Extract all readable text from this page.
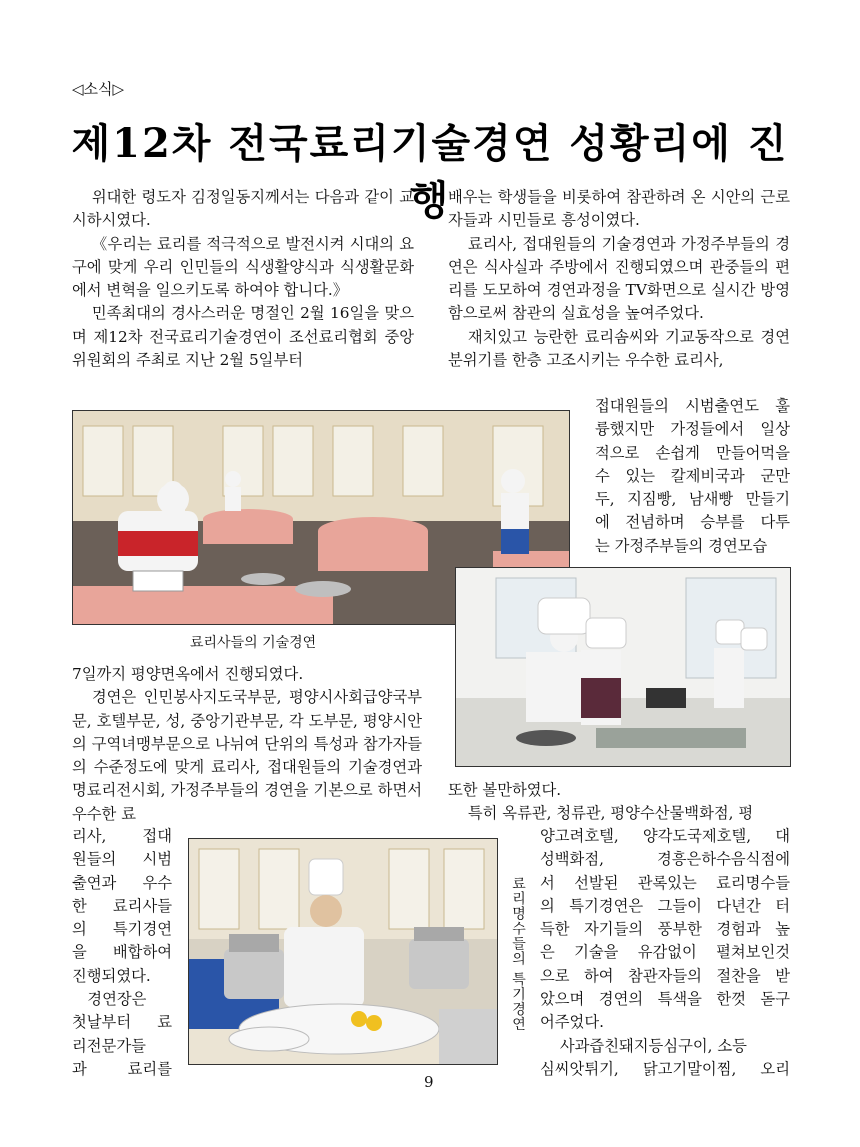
◁소식▷
제12차 전국료리기술경연 성황리에 진행

위대한 령도자 김정일동지께서는 다음과 같이 교시하시였다.

《우리는 료리를 적극적으로 발전시켜 시대의 요구에 맞게 우리 인민들의 식생활양식과 식생활문화에서 변혁을 일으키도록 하여야 합니다.》

민족최대의 경사스러운 명절인 2월 16일을 맞으며 제12차 전국료리기술경연이 조선료리협회 중앙위원회의 주최로 지난 2월 5일부터

배우는 학생들을 비롯하여 참관하려 온 시안의 근로자들과 시민들로 흥성이였다.

료리사, 접대원들의 기술경연과 가정주부들의 경연은 식사실과 주방에서 진행되였으며 관중들의 편리를 도모하여 경연과정을 TV화면으로 실시간 방영함으로써 참관의 실효성을 높여주었다.

재치있고 능란한 료리솜씨와 기교동작으로 경연분위기를 한층 고조시키는 우수한 료리사,

접대원들의 시범출연도 훌

륭했지만 가정들에서 일상

적으로 손쉽게 만들어먹을

수 있는 칼제비국과 군만

두, 지짐빵, 남새빵 만들기

에 전념하며 승부를 다투

는 가정주부들의 경연모습

료리사들의 기술경연

7일까지 평양면옥에서 진행되였다.

경연은 인민봉사지도국부문, 평양시사회급양국부문, 호텔부문, 성, 중앙기관부문, 각 도부문, 평양시안의 구역녀맹부문으로 나뉘여 단위의 특성과 참가자들의 수준정도에 맞게 료리사, 접대원들의 기술경연과 명료리전시회, 가정주부들의 경연을 기본으로 하면서 우수한 료

또한 볼만하였다.

특히 옥류관, 청류관, 평양수산물백화점, 평

리사, 접대

원들의 시범

출연과 우수

한 료리사들

의 특기경연

을 배합하여

진행되였다.

경연장은

첫날부터 료

리전문가들

과 료리를

료리명수들의 특기경연

양고려호텔, 양각도국제호텔, 대

성백화점, 경흥은하수음식점에

서 선발된 관록있는 료리명수들

의 특기경연은 그들이 다년간 터

득한 자기들의 풍부한 경험과 높

은 기술을 유감없이 펼쳐보인것

으로 하여 참관자들의 절찬을 받

았으며 경연의 특색을 한껏 돋구

어주었다.

사과즙친돼지등심구이, 소등

심씨앗튀기, 닭고기말이찜, 오리

9
